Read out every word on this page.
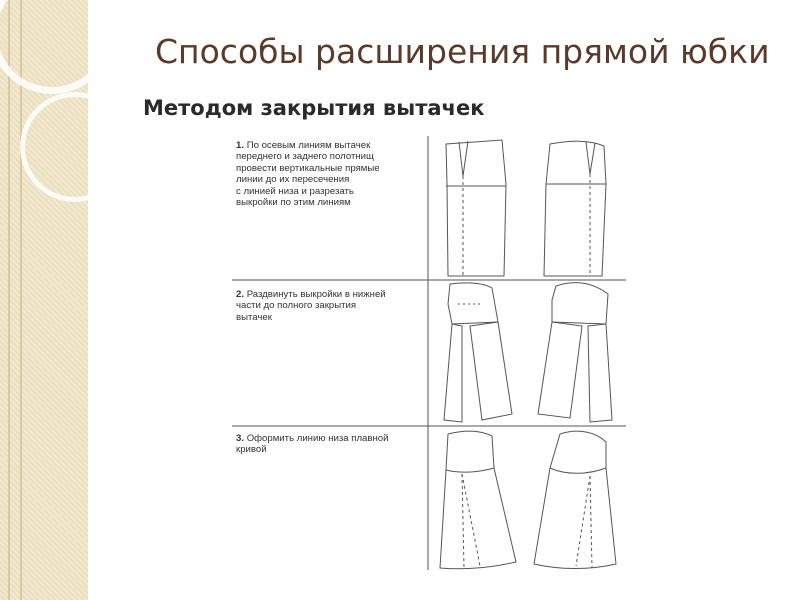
Способы расширения прямой юбки
Методом закрытия вытачек
1. По осевым линиям вытачек
переднего и заднего полотнищ
провести вертикальные прямые
линии до их пересечения
с линией низа и разрезать
выкройки по этим линиям
2. Раздвинуть выкройки в нижней
части до полного закрытия
вытачек
3. Оформить линию низа плавной
кривой
